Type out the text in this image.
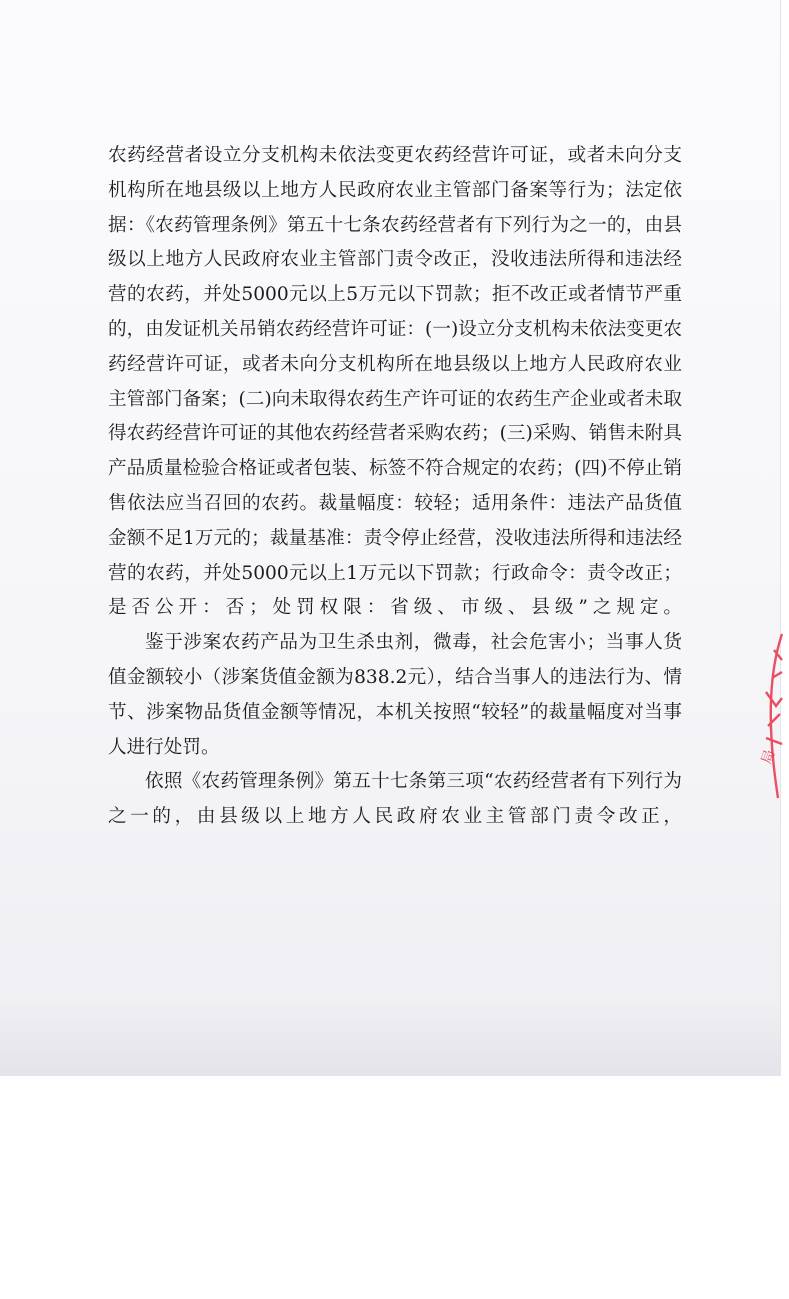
农药经营者设立分支机构未依法变更农药经营许可证，或者未向分支机构所在地县级以上地方人民政府农业主管部门备案等行为；法定依据：《农药管理条例》第五十七条农药经营者有下列行为之一的，由县级以上地方人民政府农业主管部门责令改正，没收违法所得和违法经营的农药，并处5000元以上5万元以下罚款；拒不改正或者情节严重的，由发证机关吊销农药经营许可证：(一)设立分支机构未依法变更农药经营许可证，或者未向分支机构所在地县级以上地方人民政府农业主管部门备案；(二)向未取得农药生产许可证的农药生产企业或者未取得农药经营许可证的其他农药经营者采购农药；(三)采购、销售未附具产品质量检验合格证或者包装、标签不符合规定的农药；(四)不停止销售依法应当召回的农药。裁量幅度：较轻；适用条件：违法产品货值金额不足1万元的；裁量基准：责令停止经营，没收违法所得和违法经营的农药，并处5000元以上1万元以下罚款；行政命令：责令改正；是否公开：否；处罚权限：省级、市级、县级”之规定。

鉴于涉案农药产品为卫生杀虫剂，微毒，社会危害小；当事人货值金额较小（涉案货值金额为838.2元），结合当事人的违法行为、情节、涉案物品货值金额等情况，本机关按照“较轻”的裁量幅度对当事人进行处罚。

依照《农药管理条例》第五十七条第三项“农药经营者有下列行为之一的，由县级以上地方人民政府农业主管部门责令改正，

局
